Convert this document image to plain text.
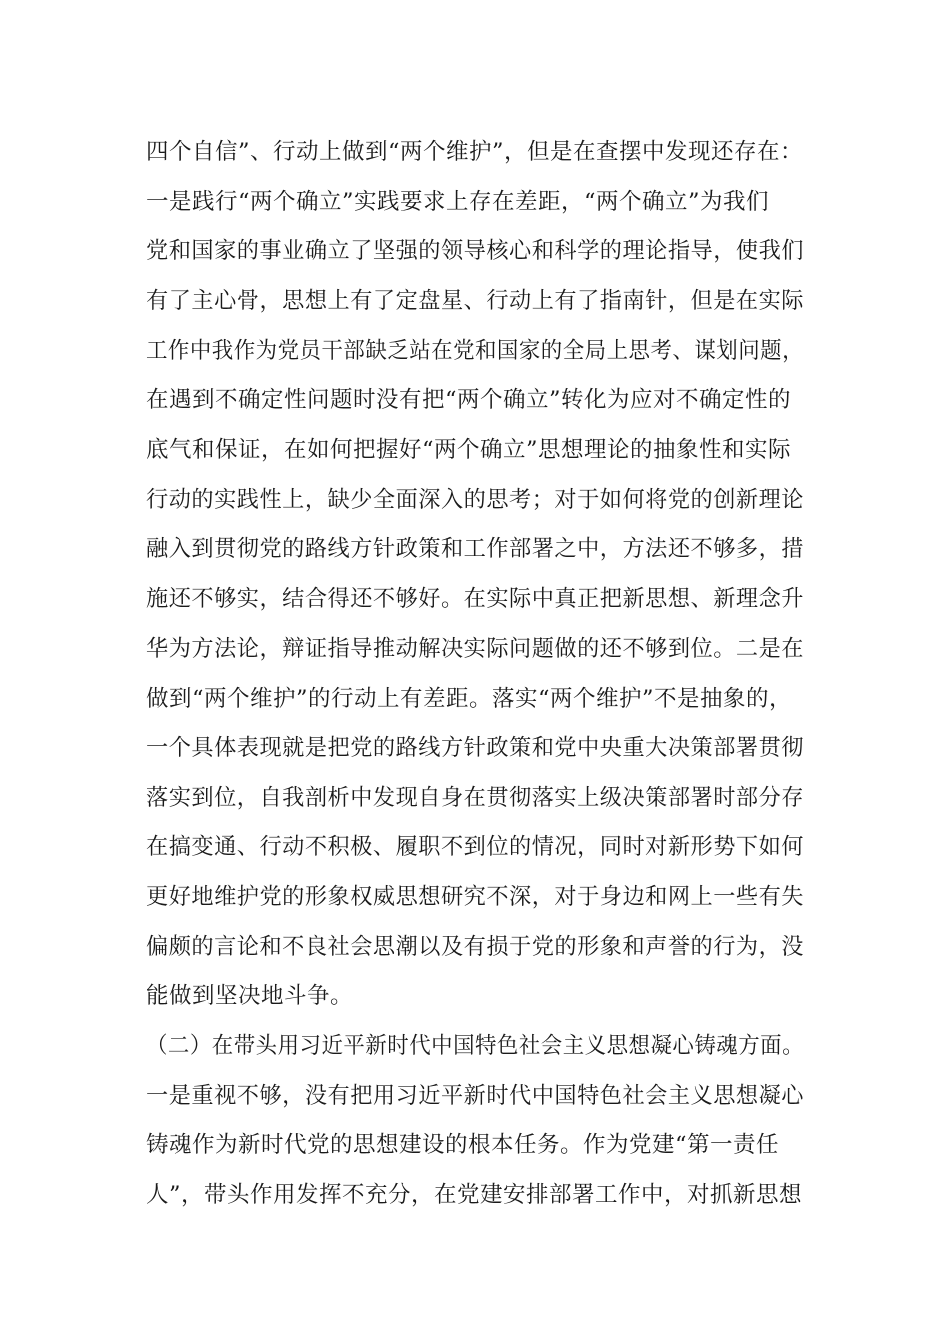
四个自信”、行动上做到“两个维护”，但是在查摆中发现还存在：
一是践行“两个确立”实践要求上存在差距，“两个确立”为我们
党和国家的事业确立了坚强的领导核心和科学的理论指导，使我们
有了主心骨，思想上有了定盘星、行动上有了指南针，但是在实际
工作中我作为党员干部缺乏站在党和国家的全局上思考、谋划问题，
在遇到不确定性问题时没有把“两个确立”转化为应对不确定性的
底气和保证，在如何把握好“两个确立”思想理论的抽象性和实际
行动的实践性上，缺少全面深入的思考；对于如何将党的创新理论
融入到贯彻党的路线方针政策和工作部署之中，方法还不够多，措
施还不够实，结合得还不够好。在实际中真正把新思想、新理念升
华为方法论，辩证指导推动解决实际问题做的还不够到位。二是在
做到“两个维护”的行动上有差距。落实“两个维护”不是抽象的，
一个具体表现就是把党的路线方针政策和党中央重大决策部署贯彻
落实到位，自我剖析中发现自身在贯彻落实上级决策部署时部分存
在搞变通、行动不积极、履职不到位的情况，同时对新形势下如何
更好地维护党的形象权威思想研究不深，对于身边和网上一些有失
偏颇的言论和不良社会思潮以及有损于党的形象和声誉的行为，没
能做到坚决地斗争。
（二）在带头用习近平新时代中国特色社会主义思想凝心铸魂方面。
一是重视不够，没有把用习近平新时代中国特色社会主义思想凝心
铸魂作为新时代党的思想建设的根本任务。作为党建“第一责任
人”，带头作用发挥不充分，在党建安排部署工作中，对抓新思想
